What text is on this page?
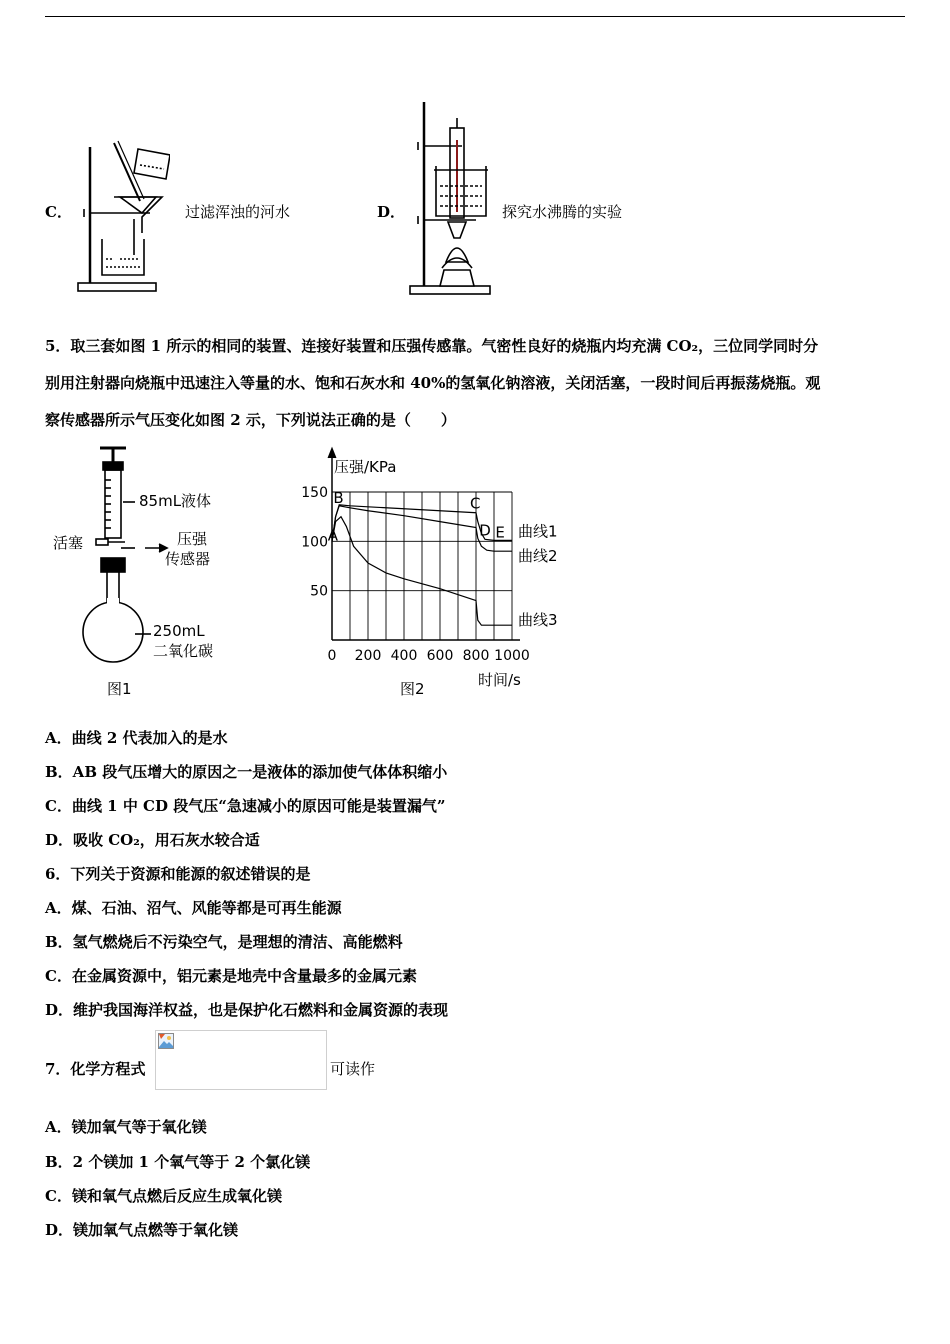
C．	过滤浑浊的河水	D．	探究水沸腾的实验
5．取三套如图 1 所示的相同的装置、连接好装置和压强传感靠。气密性良好的烧瓶内均充满 CO₂，三位同学同时分
别用注射器向烧瓶中迅速注入等量的水、饱和石灰水和 40%的氢氧化钠溶液，关闭活塞，一段时间后再振荡烧瓶。观
察传感器所示气压变化如图 2 示，下列说法正确的是（　　）
85mL液体
活塞	压强
传感器
250mL
二氧化碳
图1
0 200 400 600 800 1000
50
100
150
曲线1
曲线2
曲线3
A
B	C
D E
压强/KPa
时间/s
图2
A．曲线 2 代表加入的是水
B．AB 段气压增大的原因之一是液体的添加使气体体积缩小
C．曲线 1 中 CD 段气压“急速减小的原因可能是装置漏气”
D．吸收 CO₂，用石灰水较合适
6．下列关于资源和能源的叙述错误的是
A．煤、石油、沼气、风能等都是可再生能源
B．氢气燃烧后不污染空气，是理想的清洁、高能燃料
C．在金属资源中，铝元素是地壳中含量最多的金属元素
D．维护我国海洋权益，也是保护化石燃料和金属资源的表现
7．化学方程式	可读作
A．镁加氧气等于氧化镁
B．2 个镁加 1 个氧气等于 2 个氯化镁
C．镁和氧气点燃后反应生成氧化镁
D．镁加氧气点燃等于氧化镁
